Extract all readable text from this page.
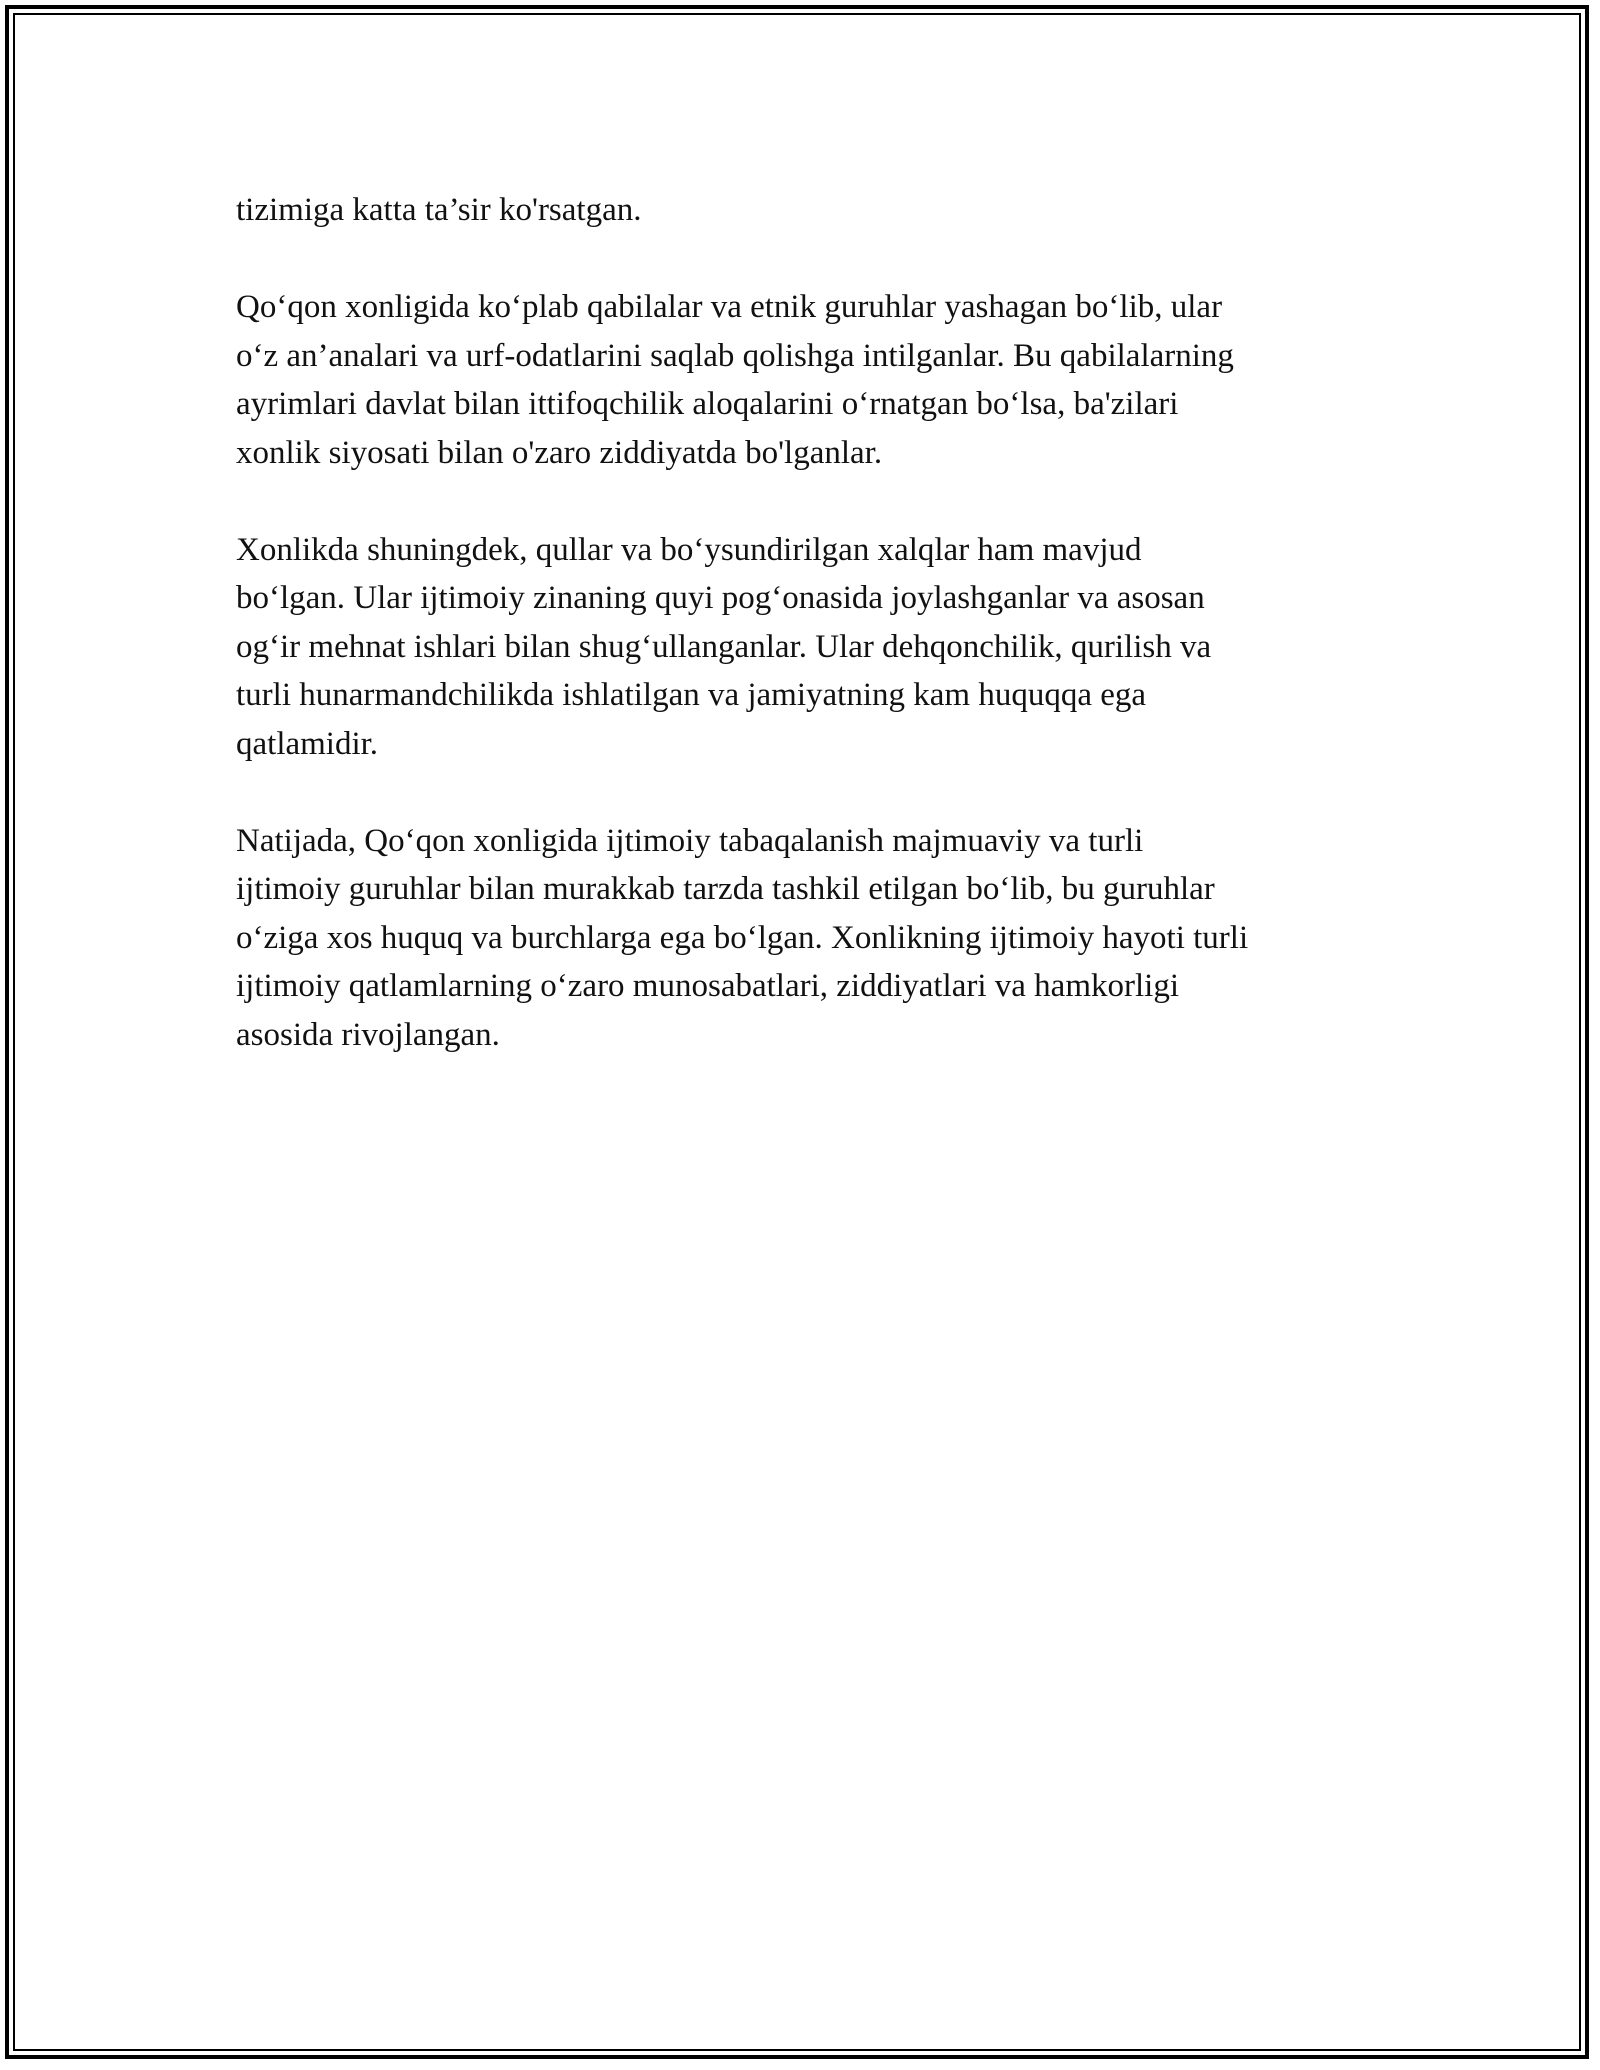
tizimiga katta ta’sir ko'rsatgan.

Qo‘qon xonligida ko‘plab qabilalar va etnik guruhlar yashagan bo‘lib, ular
o‘z an’analari va urf-odatlarini saqlab qolishga intilganlar. Bu qabilalarning
ayrimlari davlat bilan ittifoqchilik aloqalarini o‘rnatgan bo‘lsa, ba'zilari
xonlik siyosati bilan o'zaro ziddiyatda bo'lganlar.

Xonlikda shuningdek, qullar va bo‘ysundirilgan xalqlar ham mavjud
bo‘lgan. Ular ijtimoiy zinaning quyi pog‘onasida joylashganlar va asosan
og‘ir mehnat ishlari bilan shug‘ullanganlar. Ular dehqonchilik, qurilish va
turli hunarmandchilikda ishlatilgan va jamiyatning kam huquqqa ega
qatlamidir.

Natijada, Qo‘qon xonligida ijtimoiy tabaqalanish majmuaviy va turli
ijtimoiy guruhlar bilan murakkab tarzda tashkil etilgan bo‘lib, bu guruhlar
o‘ziga xos huquq va burchlarga ega bo‘lgan. Xonlikning ijtimoiy hayoti turli
ijtimoiy qatlamlarning o‘zaro munosabatlari, ziddiyatlari va hamkorligi
asosida rivojlangan.
